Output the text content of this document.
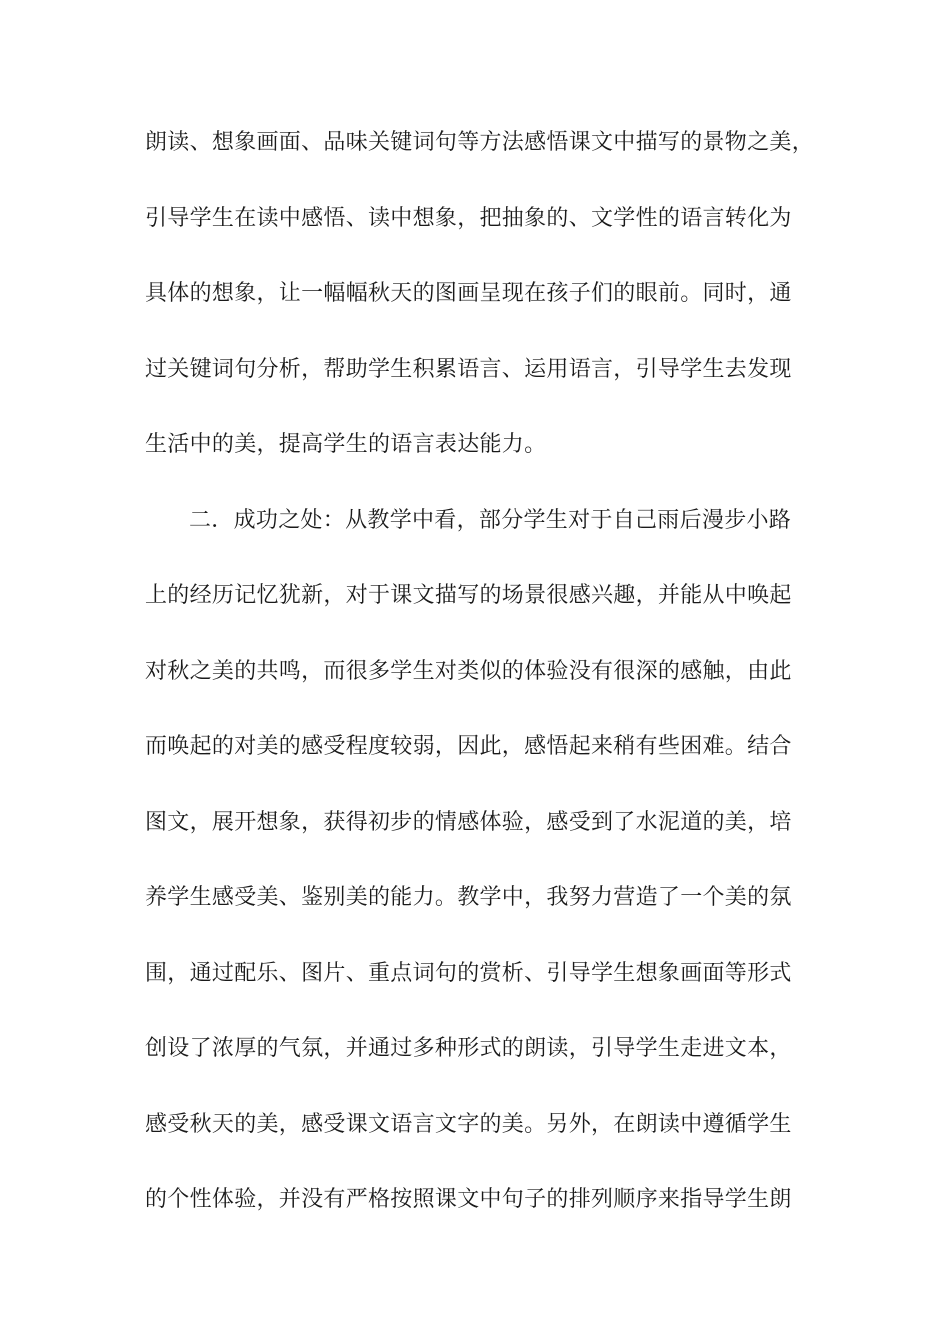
朗读、想象画面、品味关键词句等方法感悟课文中描写的景物之美，
引导学生在读中感悟、读中想象，把抽象的、文学性的语言转化为
具体的想象，让一幅幅秋天的图画呈现在孩子们的眼前。同时，通
过关键词句分析，帮助学生积累语言、运用语言，引导学生去发现
生活中的美，提高学生的语言表达能力。
二．成功之处：从教学中看，部分学生对于自己雨后漫步小路
上的经历记忆犹新，对于课文描写的场景很感兴趣，并能从中唤起
对秋之美的共鸣，而很多学生对类似的体验没有很深的感触，由此
而唤起的对美的感受程度较弱，因此，感悟起来稍有些困难。结合
图文，展开想象，获得初步的情感体验，感受到了水泥道的美，培
养学生感受美、鉴别美的能力。教学中，我努力营造了一个美的氛
围，通过配乐、图片、重点词句的赏析、引导学生想象画面等形式
创设了浓厚的气氛，并通过多种形式的朗读，引导学生走进文本，
感受秋天的美，感受课文语言文字的美。另外，在朗读中遵循学生
的个性体验，并没有严格按照课文中句子的排列顺序来指导学生朗
